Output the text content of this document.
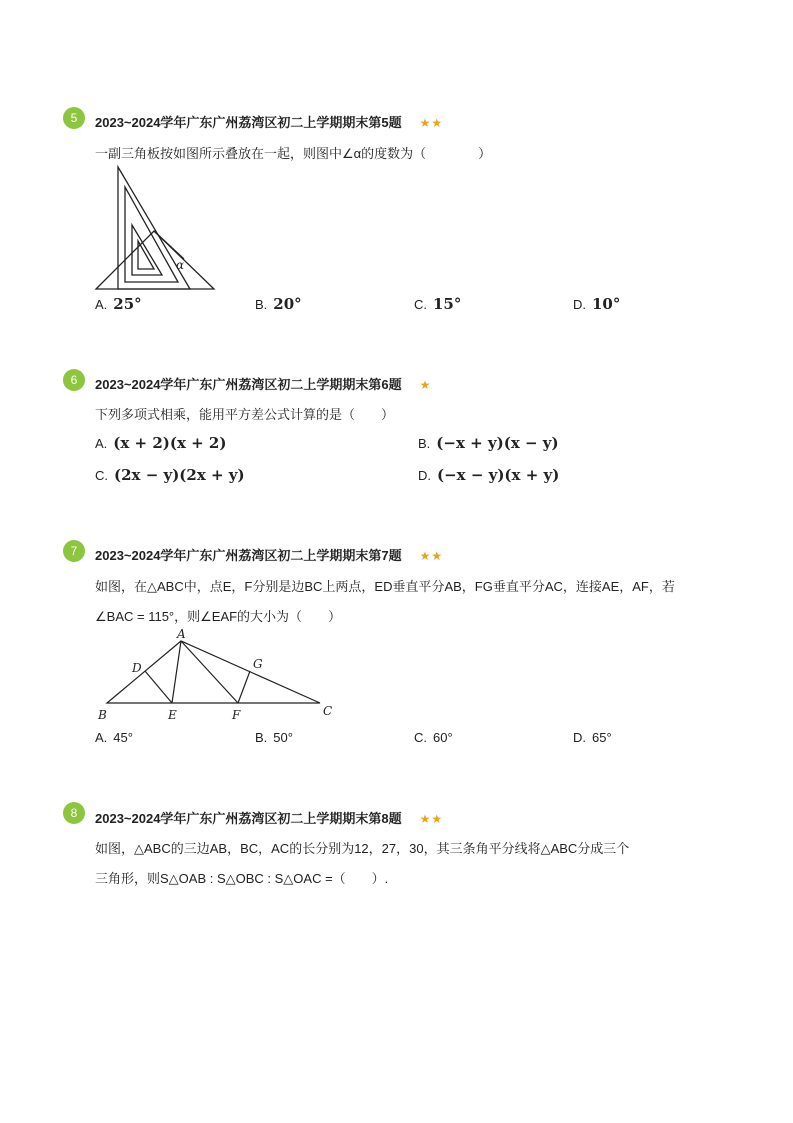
5	2023~2024学年广东广州荔湾区初二上学期期末第5题 ★★
一副三角板按如图所示叠放在一起，则图中∠α的度数为（　　　　）
α
A. 25°	B. 20°	C. 15°	D. 10°
6	2023~2024学年广东广州荔湾区初二上学期期末第6题 ★
下列多项式相乘，能用平方差公式计算的是（　　）
A. (x + 2)(x + 2)	B. (−x + y)(x − y)
C. (2x − y)(2x + y)	D. (−x − y)(x + y)
7	2023~2024学年广东广州荔湾区初二上学期期末第7题 ★★
如图，在△ABC中，点E，F分别是边BC上两点，ED垂直平分AB，FG垂直平分AC，连接AE，AF，若
∠BAC = 115°，则∠EAF的大小为（　　）
A
B	C
D
E	F
G
A. 45°	B. 50°	C. 60°	D. 65°
8	2023~2024学年广东广州荔湾区初二上学期期末第8题 ★★
如图，△ABC的三边AB，BC，AC的长分别为12，27，30，其三条角平分线将△ABC分成三个
三角形，则S△OAB : S△OBC : S△OAC =（　　）.
